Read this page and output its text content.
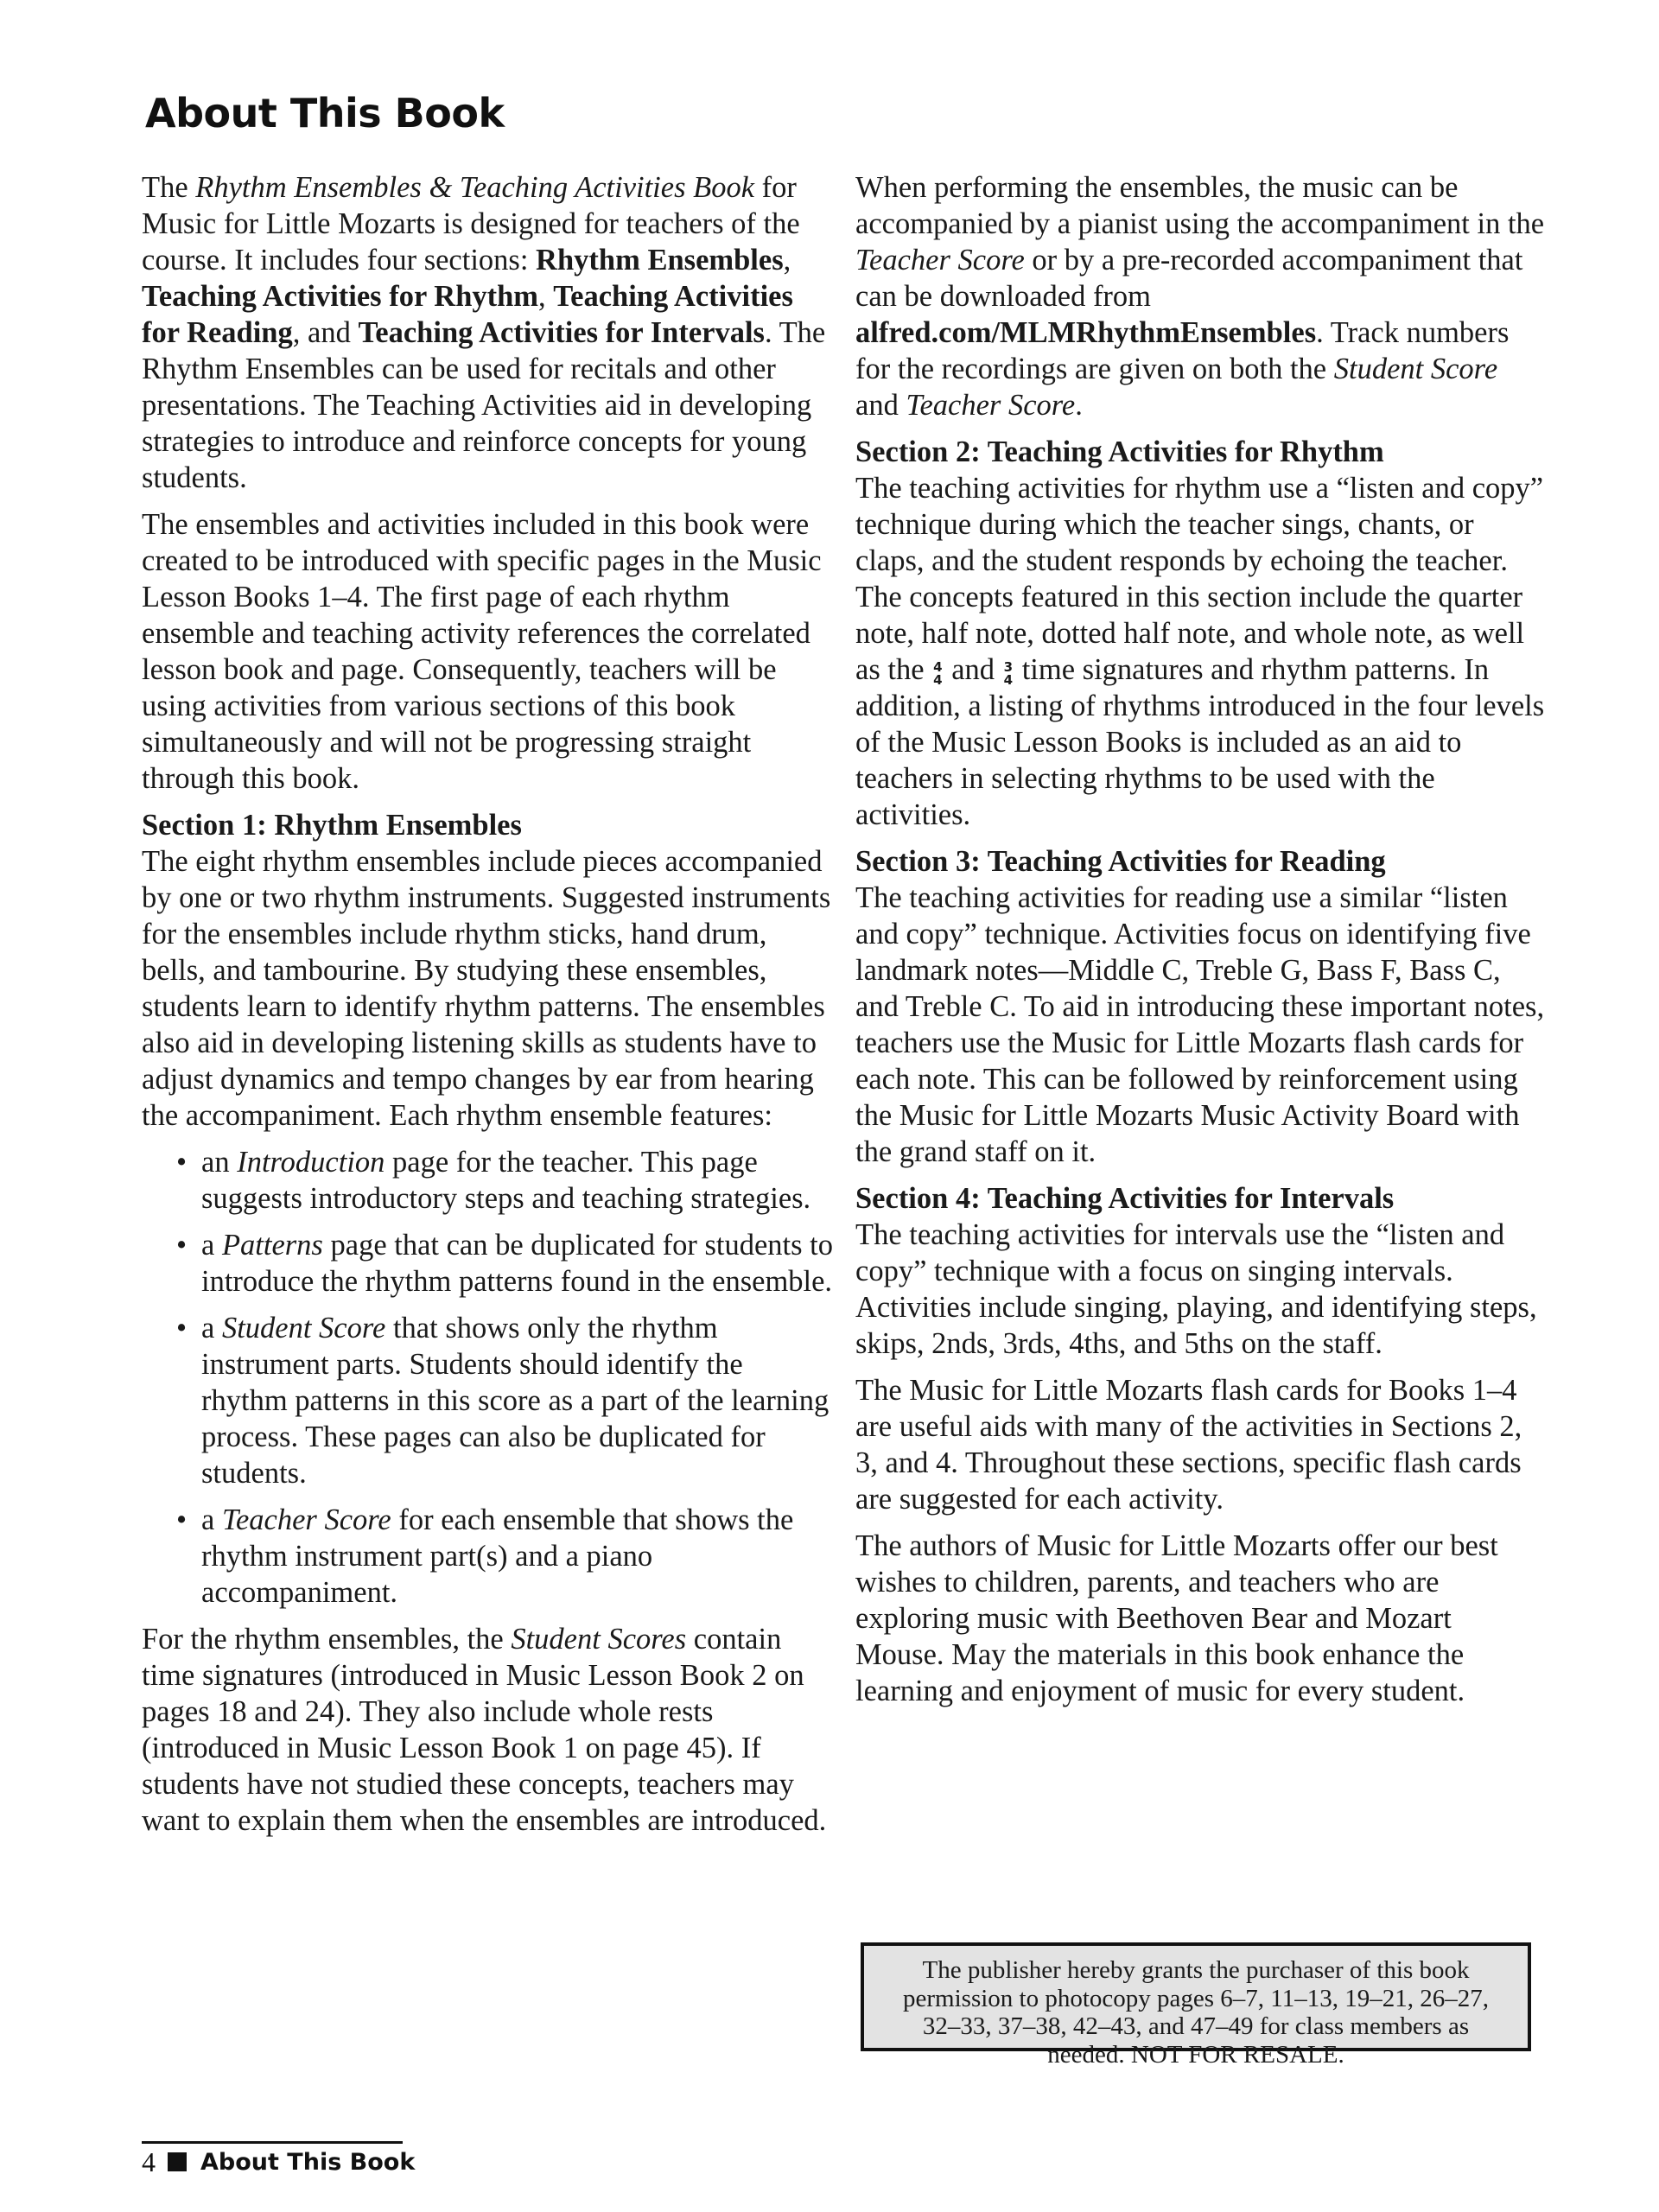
About This Book

The Rhythm Ensembles & Teaching Activities Book for Music for Little Mozarts is designed for teachers of the course. It includes four sections: Rhythm Ensembles, Teaching Activities for Rhythm, Teaching Activities for Reading, and Teaching Activities for Intervals. The Rhythm Ensembles can be used for recitals and other presentations. The Teaching Activities aid in developing strategies to introduce and reinforce concepts for young students.

The ensembles and activities included in this book were created to be introduced with specific pages in the Music Lesson Books 1–4. The first page of each rhythm ensemble and teaching activity references the correlated lesson book and page. Consequently, teachers will be using activities from various sections of this book simultaneously and will not be progressing straight through this book.

Section 1: Rhythm Ensembles

The eight rhythm ensembles include pieces accompanied by one or two rhythm instruments. Suggested instruments for the ensembles include rhythm sticks, hand drum, bells, and tambourine. By studying these ensembles, students learn to identify rhythm patterns. The ensembles also aid in developing listening skills as students have to adjust dynamics and tempo changes by ear from hearing the accompaniment. Each rhythm ensemble features:

• an Introduction page for the teacher. This page suggests introductory steps and teaching strategies.
• a Patterns page that can be duplicated for students to introduce the rhythm patterns found in the ensemble.
• a Student Score that shows only the rhythm instrument parts. Students should identify the rhythm patterns in this score as a part of the learning process. These pages can also be duplicated for students.
• a Teacher Score for each ensemble that shows the rhythm instrument part(s) and a piano accompaniment.

For the rhythm ensembles, the Student Scores contain time signatures (introduced in Music Lesson Book 2 on pages 18 and 24). They also include whole rests (introduced in Music Lesson Book 1 on page 45). If students have not studied these concepts, teachers may want to explain them when the ensembles are introduced.

When performing the ensembles, the music can be accompanied by a pianist using the accompaniment in the Teacher Score or by a pre-recorded accompaniment that can be downloaded from alfred.com/MLMRhythmEnsembles. Track numbers for the recordings are given on both the Student Score and Teacher Score.

Section 2: Teaching Activities for Rhythm

The teaching activities for rhythm use a “listen and copy” technique during which the teacher sings, chants, or claps, and the student responds by echoing the teacher. The concepts featured in this section include the quarter note, half note, dotted half note, and whole note, as well as the 4
4 and 3
4 time signatures and rhythm patterns. In addition, a listing of rhythms introduced in the four levels of the Music Lesson Books is included as an aid to teachers in selecting rhythms to be used with the activities.

Section 3: Teaching Activities for Reading

The teaching activities for reading use a similar “listen and copy” technique. Activities focus on identifying five landmark notes—Middle C, Treble G, Bass F, Bass C, and Treble C. To aid in introducing these important notes, teachers use the Music for Little Mozarts flash cards for each note. This can be followed by reinforcement using the Music for Little Mozarts Music Activity Board with the grand staff on it.

Section 4: Teaching Activities for Intervals

The teaching activities for intervals use the “listen and copy” technique with a focus on singing intervals. Activities include singing, playing, and identifying steps, skips, 2nds, 3rds, 4ths, and 5ths on the staff.

The Music for Little Mozarts flash cards for Books 1–4 are useful aids with many of the activities in Sections 2, 3, and 4. Throughout these sections, specific flash cards are suggested for each activity.

The authors of Music for Little Mozarts offer our best wishes to children, parents, and teachers who are exploring music with Beethoven Bear and Mozart Mouse. May the materials in this book enhance the learning and enjoyment of music for every student.

The publisher hereby grants the purchaser of this book permission to photocopy pages 6–7, 11–13, 19–21, 26–27, 32–33, 37–38, 42–43, and 47–49 for class members as needed. NOT FOR RESALE.
4 About This Book
